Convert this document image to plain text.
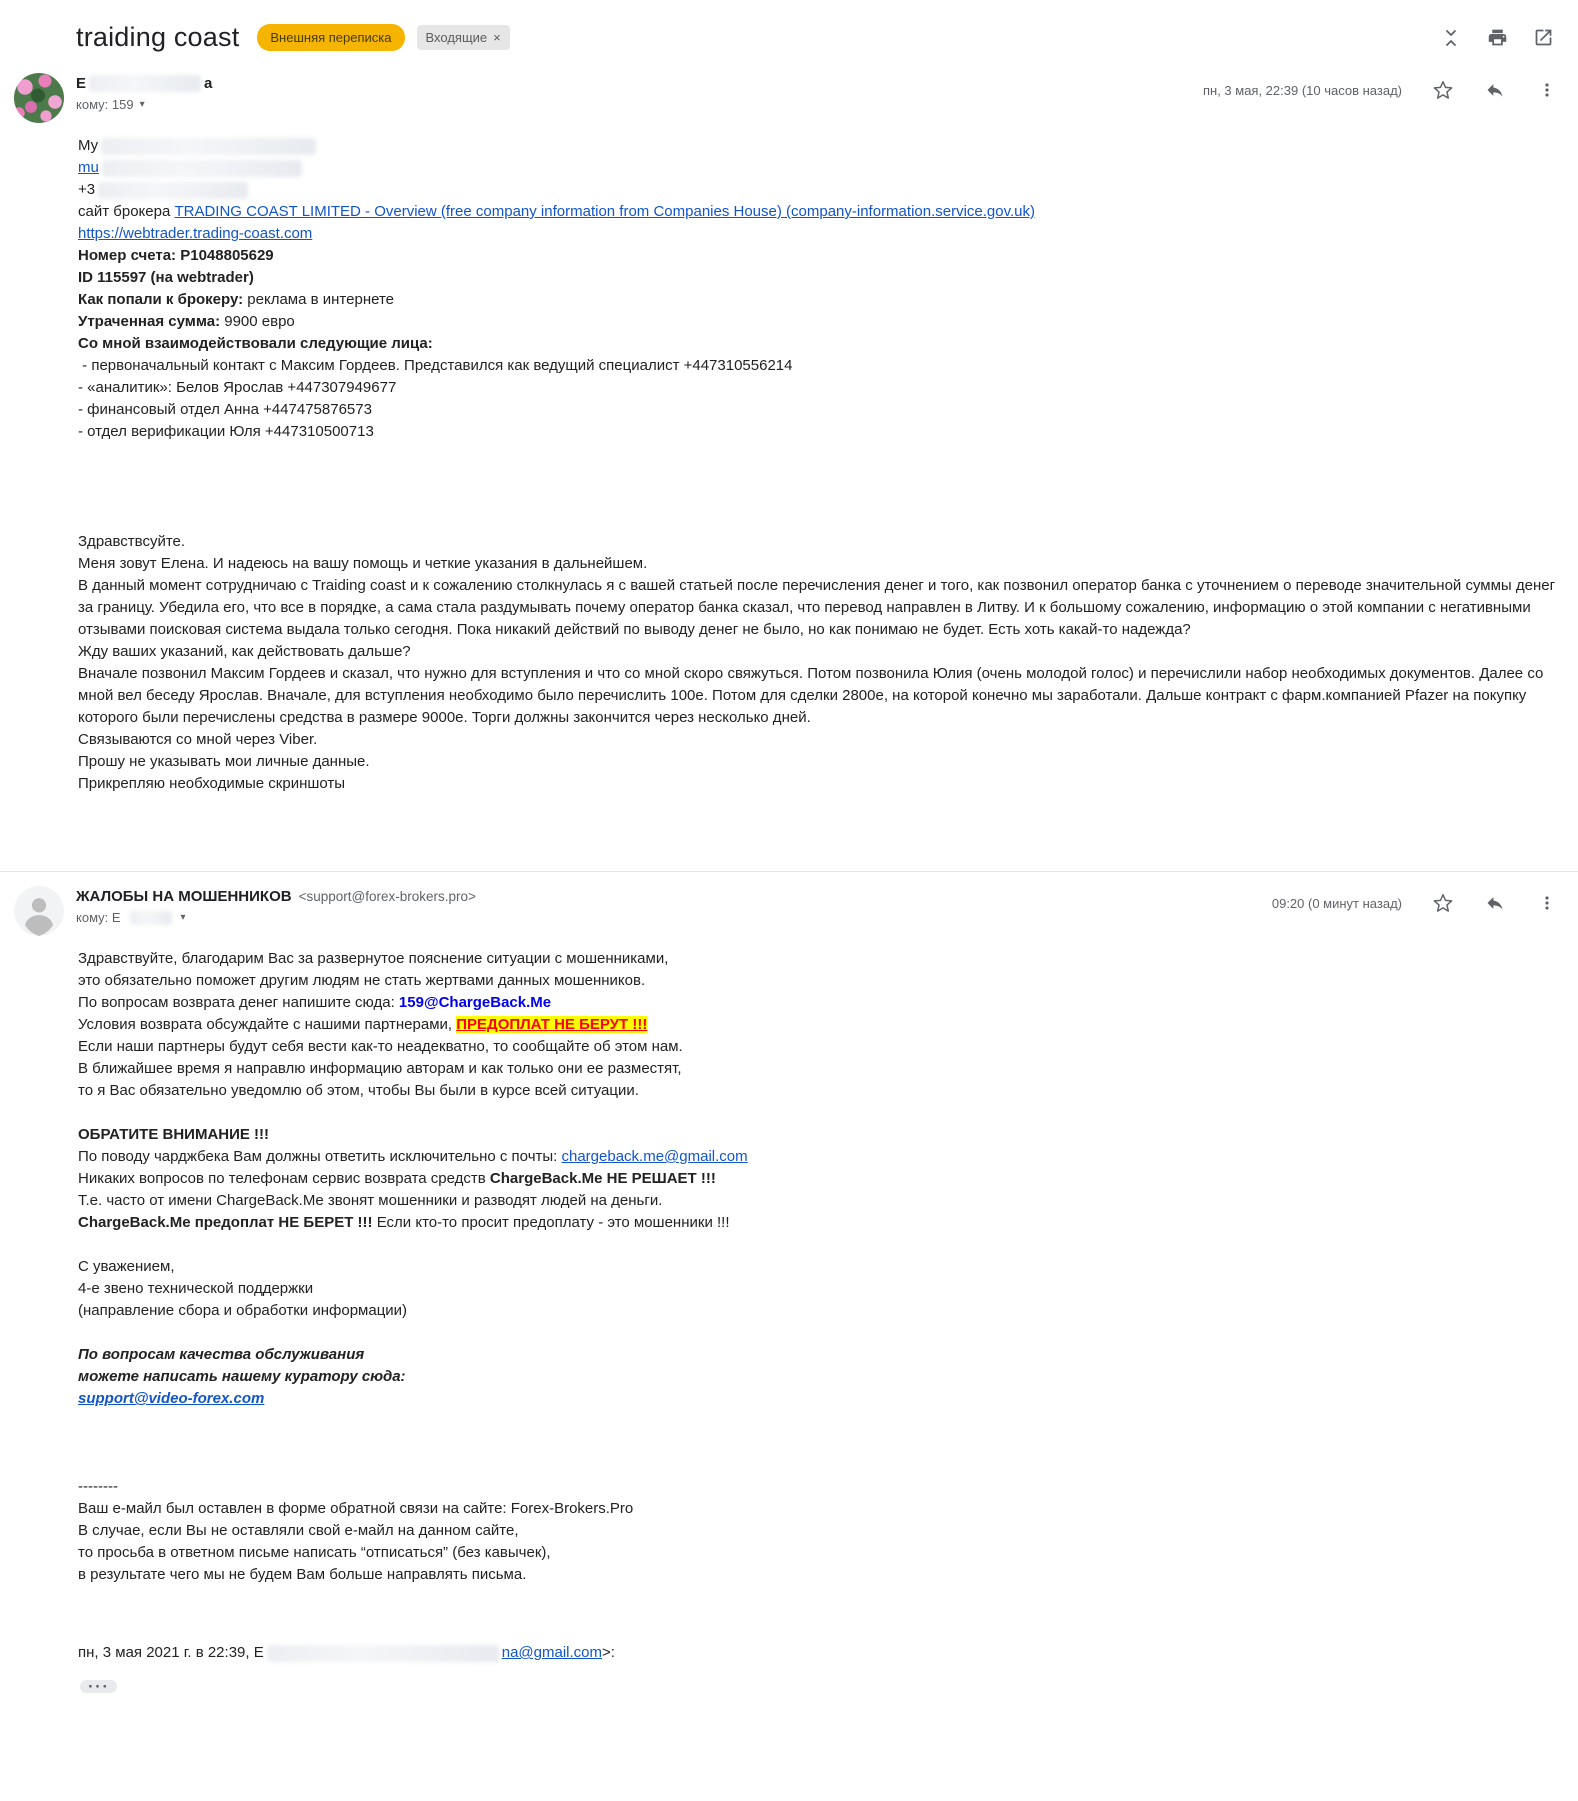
traiding coast Внешняя переписка	Входящие ×
Е	а
кому: 159 ▾
пн, 3 мая, 22:39 (10 часов назад)
Му
mu
+3
сайт брокера TRADING COAST LIMITED - Overview (free company information from Companies House) (company-information.service.gov.uk)
https://webtrader.trading-coast.com
Номер счета: P1048805629
ID 115597 (на webtrader)
Как попали к брокеру: реклама в интернете
Утраченная сумма: 9900 евро
Со мной взаимодействовали следующие лица:
- первоначальный контакт с Максим Гордеев. Представился как ведущий специалист +447310556214
- «аналитик»: Белов Ярослав +447307949677
- финансовый отдел Анна +447475876573
- отдел верификации Юля +447310500713

Здравствсуйте.
Меня зовут Елена. И надеюсь на вашу помощь и четкие указания в дальнейшем.
В данный момент сотрудничаю с Traiding coast и к сожалению столкнулась я с вашей статьей после перечисления денег и того, как позвонил оператор банка с уточнением о переводе значительной суммы денег за границу. Убедила его, что все в порядке, а сама стала раздумывать почему оператор банка сказал, что перевод направлен в Литву. И к большому сожалению, информацию о этой компании с негативными отзывами поисковая система выдала только сегодня. Пока никакий действий по выводу денег не было, но как понимаю не будет. Есть хоть какай-то надежда?
Жду ваших указаний, как действовать дальше?
Вначале позвонил Максим Гордеев и сказал, что нужно для вступления и что со мной скоро свяжуться. Потом позвонила Юлия (очень молодой голос) и перечислили набор необходимых документов. Далее со мной вел беседу Ярослав. Вначале, для вступления необходимо было перечислить 100е. Потом для сделки 2800е, на которой конечно мы заработали. Дальше контракт с фарм.компанией Pfazer на покупку которого были перечислены средства в размере 9000е. Торги должны закончится через несколько дней.
Связываются со мной через Viber.
Прошу не указывать мои личные данные.
Прикрепляю необходимые скриншоты
ЖАЛОБЫ НА МОШЕННИКОВ <support@forex-brokers.pro>
кому: Е	▾
09:20 (0 минут назад)
Здравствуйте, благодарим Вас за развернутое пояснение ситуации с мошенниками,
это обязательно поможет другим людям не стать жертвами данных мошенников.
По вопросам возврата денег напишите сюда: 159@ChargeBack.Me
Условия возврата обсуждайте с нашими партнерами, ПРЕДОПЛАТ НЕ БЕРУТ !!!
Если наши партнеры будут себя вести как-то неадекватно, то сообщайте об этом нам.
В ближайшее время я направлю информацию авторам и как только они ее разместят,
то я Вас обязательно уведомлю об этом, чтобы Вы были в курсе всей ситуации.

ОБРАТИТЕ ВНИМАНИЕ !!!
По поводу чарджбека Вам должны ответить исключительно с почты: chargeback.me@gmail.com
Никаких вопросов по телефонам сервис возврата средств ChargeBack.Me НЕ РЕШАЕТ !!!
Т.е. часто от имени ChargeBack.Me звонят мошенники и разводят людей на деньги.
ChargeBack.Me предоплат НЕ БЕРЕТ !!! Если кто-то просит предоплату - это мошенники !!!

С уважением,
4-е звено технической поддержки
(направление сбора и обработки информации)

По вопросам качества обслуживания
можете написать нашему куратору сюда:
support@video-forex.com

--------
Ваш е-майл был оставлен в форме обратной связи на сайте: Forex-Brokers.Pro
В случае, если Вы не оставляли свой е-майл на данном сайте,
то просьба в ответном письме написать “отписаться” (без кавычек),
в результате чего мы не будем Вам больше направлять письма.
пн, 3 мая 2021 г. в 22:39, Е	na@gmail.com >:
···
